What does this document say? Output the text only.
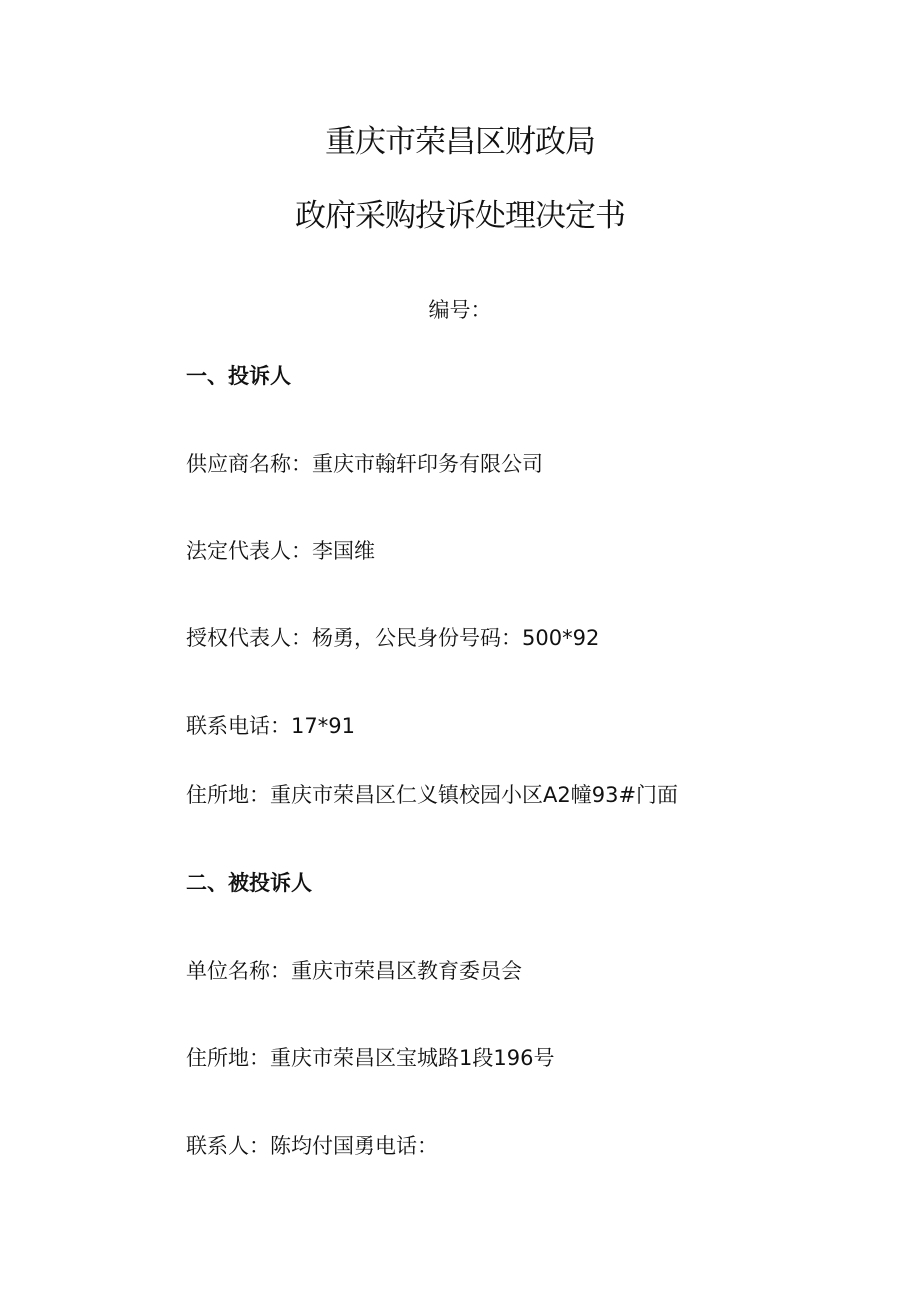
重庆市荣昌区财政局
政府采购投诉处理决定书
编号：
一、投诉人
供应商名称：重庆市翰轩印务有限公司
法定代表人：李国维
授权代表人：杨勇，公民身份号码：500*92
联系电话：17*91
住所地：重庆市荣昌区仁义镇校园小区A2幢93#门面
二、被投诉人
单位名称：重庆市荣昌区教育委员会
住所地：重庆市荣昌区宝城路1段196号
联系人：陈均付国勇电话：
